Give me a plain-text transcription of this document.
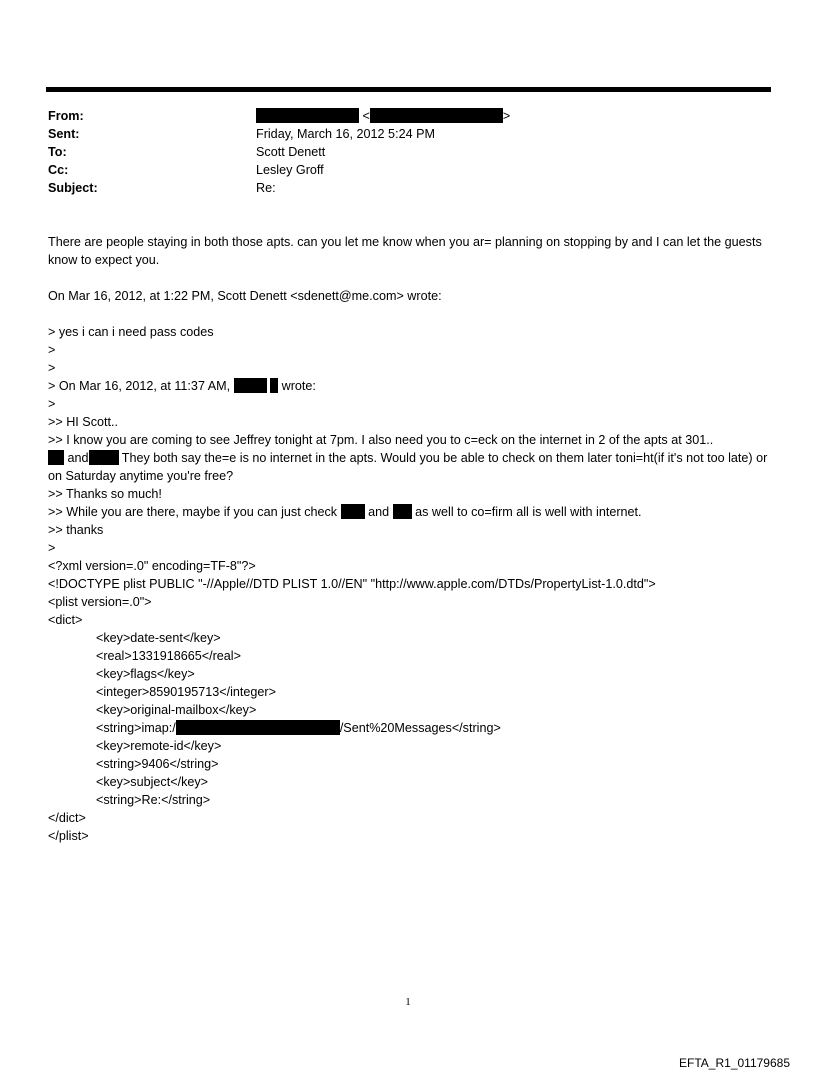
From:	<	>
Sent:	Friday, March 16, 2012 5:24 PM
To:	Scott Denett
Cc:	Lesley Groff
Subject:	Re:
There are people staying in both those apts. can you let me know when you ar= planning on stopping by and I can let the guests know to expect you.
On Mar 16, 2012, at 1:22 PM, Scott Denett <sdenett@me.com> wrote:
> yes i can i need pass codes
>
>
> On Mar 16, 2012, at 11:37 AM,	wrote:
>
>> HI Scott..
>> I know you are coming to see Jeffrey tonight at 7pm. I also need you to c=eck on the internet in 2 of the apts at 301..
and	They both say the=e is no internet in the apts. Would you be able to check on them later toni=ht(if it's not too late) or on Saturday anytime you're free?
>> Thanks so much!
>> While you are there, maybe if you can just check and as well to co=firm all is well with internet.
>> thanks
>
<?xml version=.0" encoding=TF-8"?>
<!DOCTYPE plist PUBLIC "-//Apple//DTD PLIST 1.0//EN" "http://www.apple.com/DTDs/PropertyList-1.0.dtd">
<plist version=.0">
<dict>
<key>date-sent</key>
<real>1331918665</real>
<key>flags</key>
<integer>8590195713</integer>
<key>original-mailbox</key>
<string>imap:/	/Sent%20Messages</string>
<key>remote-id</key>
<string>9406</string>
<key>subject</key>
<string>Re:</string>
</dict>
</plist>
1
EFTA_R1_01179685
